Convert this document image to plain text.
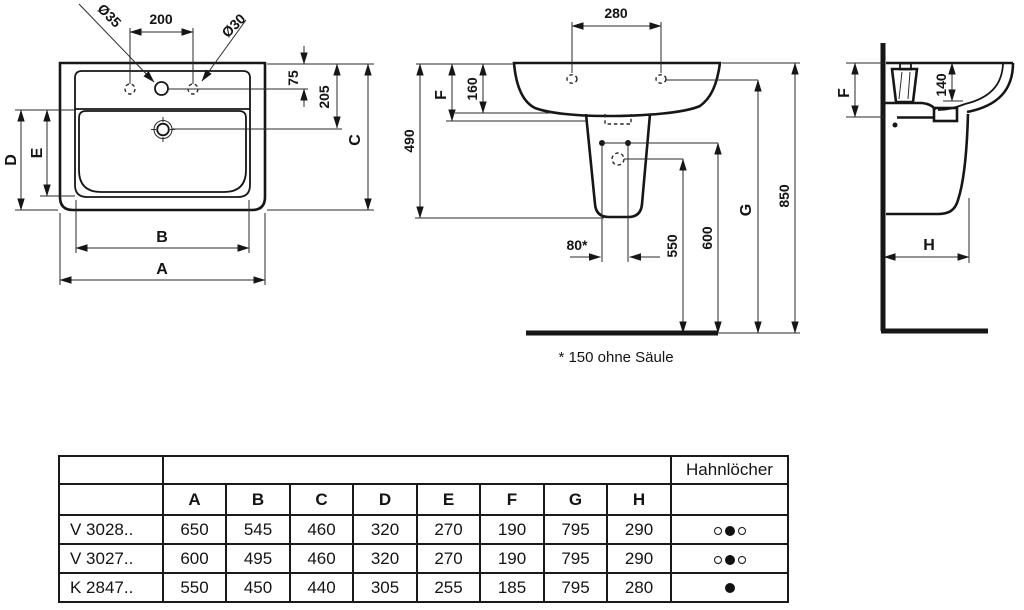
200
Ø35	Ø30
75
205
C
D
E
B
A
280
F 160
490
80*	550 600
G
850
* 150 ohne Säule
H
F	140
									Hahnlöcher
	A	B	C	D	E	F	G	H	
V 3028..	650	545	460	320	270	190	795	290	

V 3027..	600	495	460	320	270	190	795	290	

K 2847..	550	450	440	305	255	185	795	280	
